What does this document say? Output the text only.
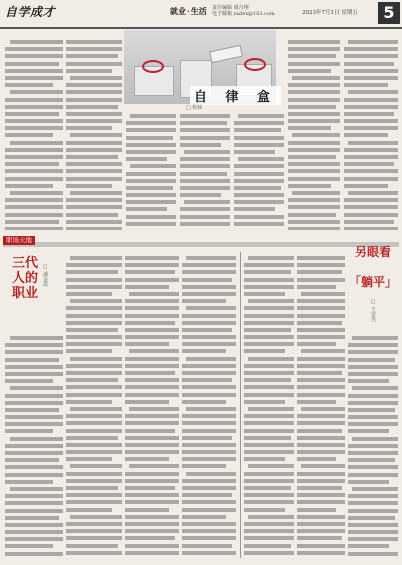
自学成才	就业·生活 责任编辑 聂月翔
电子邮箱 zxdex@163.com	2023年7月1日 星期五	5
自 律 盒
□ 程韩
职场天地
三代人的职业
□ 潘金霞
另眼看
「躺平」
□ 王安杰
